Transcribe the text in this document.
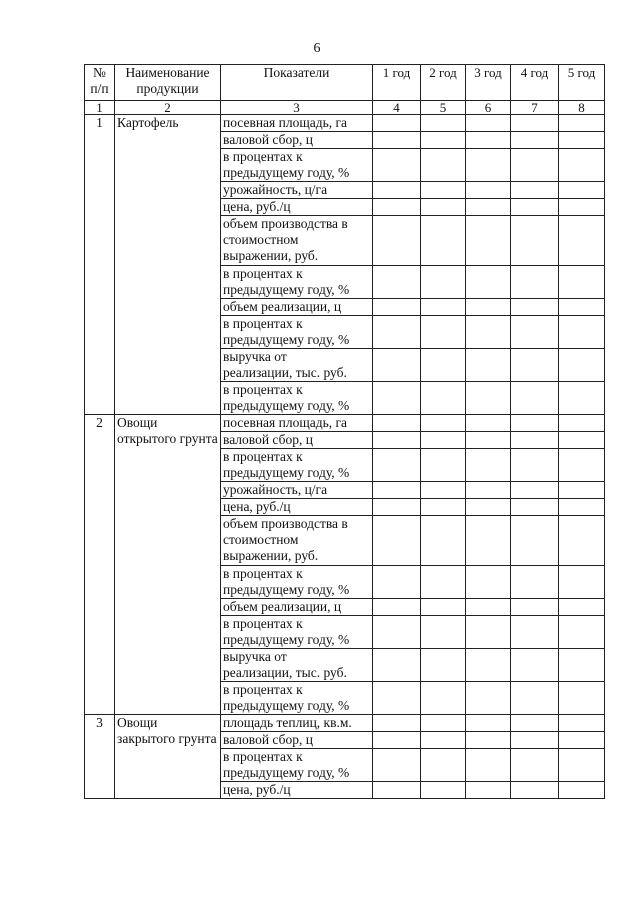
6
№ п/п	Наименование продукции	Показатели	1 год	2 год	3 год	4 год	5 год
1	2	3	4	5	6	7	8
1	Картофель	посевная площадь, га					

		валовой сбор, ц					

		в процентах к
предыдущему году, %					

		урожайность, ц/га					

		цена, руб./ц					

		объем производства в
стоимостном
выражении, руб.					

		в процентах к
предыдущему году, %					

		объем реализации, ц					

		в процентах к
предыдущему году, %					

		выручка от
реализации, тыс. руб.					

		в процентах к
предыдущему году, %					

2	Овощи открытого грунта	посевная площадь, га					

		валовой сбор, ц					

		в процентах к
предыдущему году, %					

		урожайность, ц/га					

		цена, руб./ц					

		объем производства в
стоимостном
выражении, руб.					

		в процентах к
предыдущему году, %					

		объем реализации, ц					

		в процентах к
предыдущему году, %					

		выручка от
реализации, тыс. руб.					

		в процентах к
предыдущему году, %					

3	Овощи закрытого грунта	площадь теплиц, кв.м.					

		валовой сбор, ц					

		в процентах к
предыдущему году, %					

		цена, руб./ц					
